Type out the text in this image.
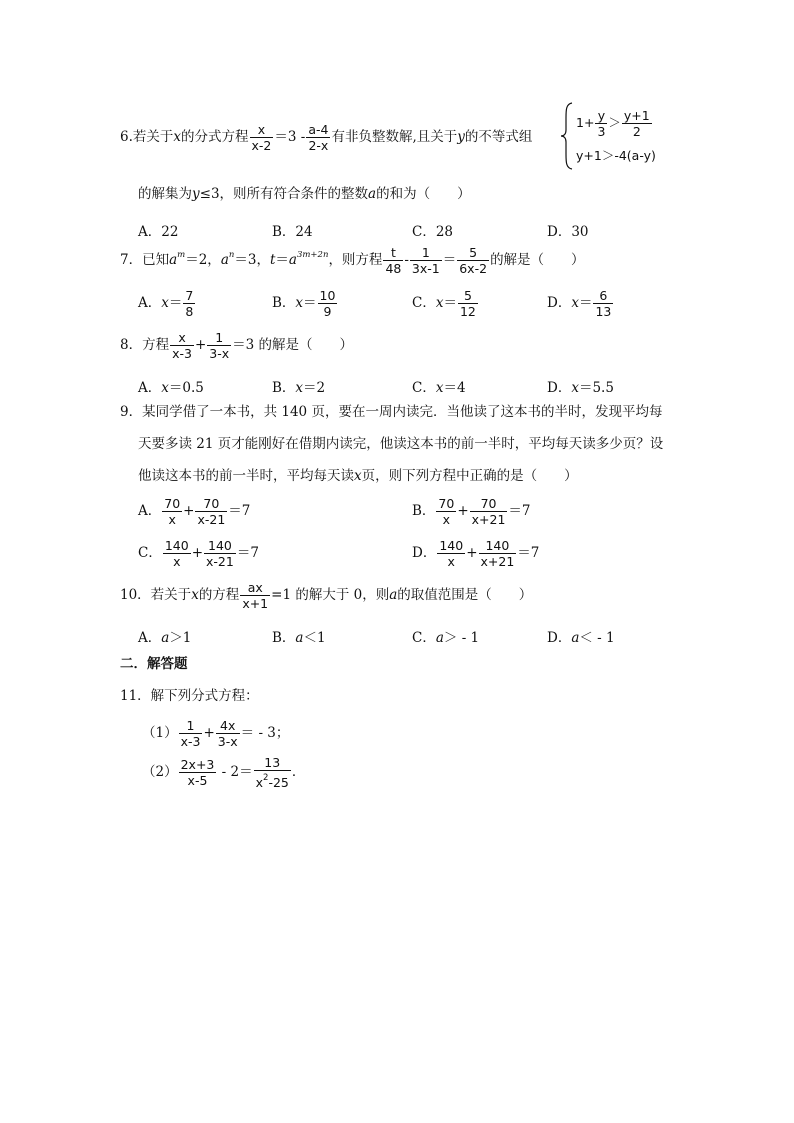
6.若关于x的分式方程 $\frac{x}{x-2} =3 - \frac{a-4}{2-x}$ 有非负整数解,且关于y的不等式组
$1+ \frac{y}{3} > \frac{y+1}{2}$
y+1＞-4(a-y)
的解集为y≤3，则所有符合条件的整数a的和为（　　）
A．22	B．24	C．28	D．30
7．已知$a^m=2$，$a^n=3$，$t=a^{3m+2n}$，则方程 $\frac{t}{48} - \frac{1}{3x-1} = \frac{5}{6x-2}$ 的解是（　　）
A．$x= \frac{7}{8}$	B．$x= \frac{10}{9}$	C．$x= \frac{5}{12}$	D．$x= \frac{6}{13}$
8．方程 $\frac{x}{x-3} + \frac{1}{3-x} =3$ 的解是（　　）
A．x＝0.5	B．x＝2	C．x＝4	D．x＝5.5
9．某同学借了一本书，共 140 页，要在一周内读完．当他读了这本书的半时，发现平均每
天要多读 21 页才能刚好在借期内读完，他读这本书的前一半时，平均每天读多少页？设
他读这本书的前一半时，平均每天读x页，则下列方程中正确的是（　　）
A． $\frac{70}{x} + \frac{70}{x-21} =7$	B． $\frac{70}{x} + \frac{70}{x+21} =7$
C． $\frac{140}{x} + \frac{140}{x-21} =7$	D． $\frac{140}{x} + \frac{140}{x+21} =7$
10．若关于x的方程 $\frac{ax}{x+1} =1$ 的解大于 0，则a的取值范围是（　　）
A．a＞1	B．a＜1	C．a＞ - 1	D．a＜ - 1
二．解答题
11．解下列分式方程：
$(1) \frac{1}{x-3} + \frac{4x}{3-x}$ ＝ - 3；
$(2) \frac{2x+3}{x-5} - 2= \frac{13}{x^2-25}$ ．
